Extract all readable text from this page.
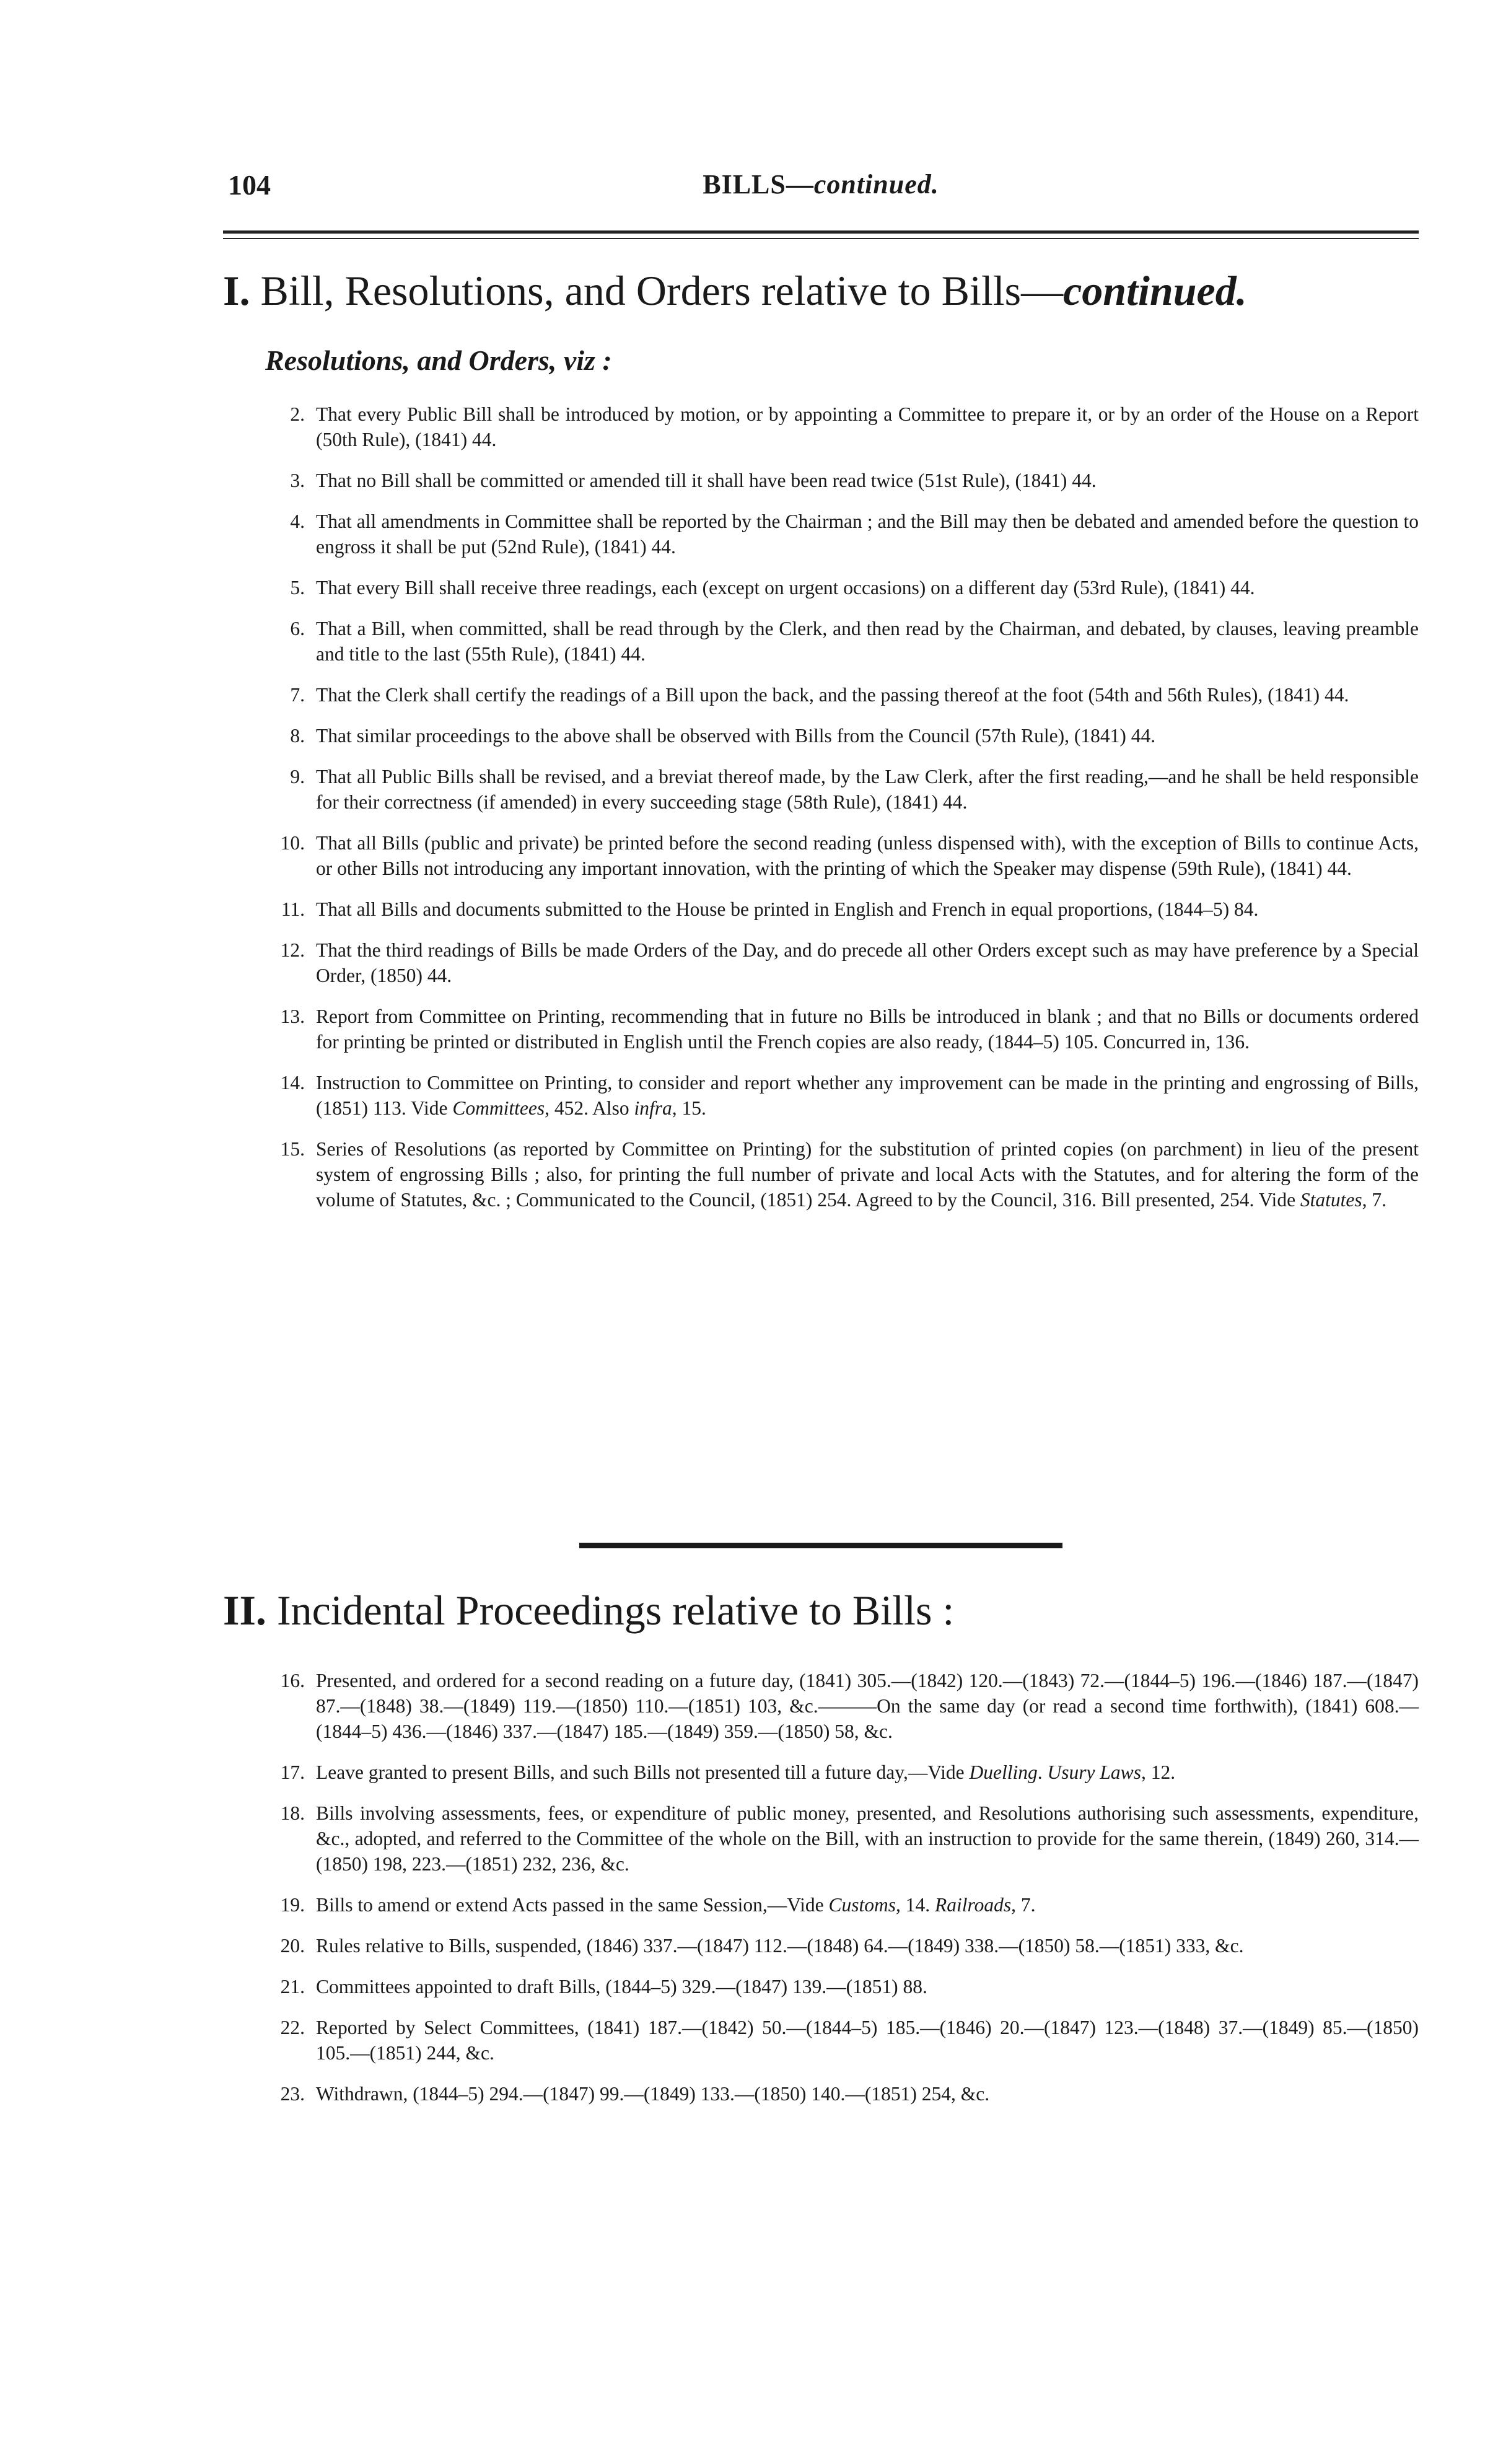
104	BILLS—continued.
I. Bill, Resolutions, and Orders relative to Bills—continued.
Resolutions, and Orders, viz :
2. That every Public Bill shall be introduced by motion, or by appointing a Committee to prepare it, or by an order of the House on a Report (50th Rule), (1841) 44.
3. That no Bill shall be committed or amended till it shall have been read twice (51st Rule), (1841) 44.
4. That all amendments in Committee shall be reported by the Chairman ; and the Bill may then be debated and amended before the question to engross it shall be put (52nd Rule), (1841) 44.
5. That every Bill shall receive three readings, each (except on urgent occasions) on a different day (53rd Rule), (1841) 44.
6. That a Bill, when committed, shall be read through by the Clerk, and then read by the Chairman, and debated, by clauses, leaving preamble and title to the last (55th Rule), (1841) 44.
7. That the Clerk shall certify the readings of a Bill upon the back, and the passing thereof at the foot (54th and 56th Rules), (1841) 44.
8. That similar proceedings to the above shall be observed with Bills from the Council (57th Rule), (1841) 44.
9. That all Public Bills shall be revised, and a breviat thereof made, by the Law Clerk, after the first reading,—and he shall be held responsible for their correctness (if amended) in every succeeding stage (58th Rule), (1841) 44.
10. That all Bills (public and private) be printed before the second reading (unless dispensed with), with the exception of Bills to continue Acts, or other Bills not introducing any important innovation, with the printing of which the Speaker may dispense (59th Rule), (1841) 44.
11. That all Bills and documents submitted to the House be printed in English and French in equal proportions, (1844–5) 84.
12. That the third readings of Bills be made Orders of the Day, and do precede all other Orders except such as may have preference by a Special Order, (1850) 44.
13. Report from Committee on Printing, recommending that in future no Bills be introduced in blank ; and that no Bills or documents ordered for printing be printed or distributed in English until the French copies are also ready, (1844–5) 105. Concurred in, 136.
14. Instruction to Committee on Printing, to consider and report whether any improvement can be made in the printing and engrossing of Bills, (1851) 113. Vide Committees, 452. Also infra, 15.
15. Series of Resolutions (as reported by Committee on Printing) for the substitution of printed copies (on parchment) in lieu of the present system of engrossing Bills ; also, for printing the full number of private and local Acts with the Statutes, and for altering the form of the volume of Statutes, &c. ; Communicated to the Council, (1851) 254. Agreed to by the Council, 316. Bill presented, 254. Vide Statutes, 7.
II. Incidental Proceedings relative to Bills :
16. Presented, and ordered for a second reading on a future day, (1841) 305.—(1842) 120.—(1843) 72.—(1844–5) 196.—(1846) 187.—(1847) 87.—(1848) 38.—(1849) 119.—(1850) 110.—(1851) 103, &c.———On the same day (or read a second time forthwith), (1841) 608.—(1844–5) 436.—(1846) 337.—(1847) 185.—(1849) 359.—(1850) 58, &c.
17. Leave granted to present Bills, and such Bills not presented till a future day,—Vide Duelling. Usury Laws, 12.
18. Bills involving assessments, fees, or expenditure of public money, presented, and Resolutions authorising such assessments, expenditure, &c., adopted, and referred to the Committee of the whole on the Bill, with an instruction to provide for the same therein, (1849) 260, 314.—(1850) 198, 223.—(1851) 232, 236, &c.
19. Bills to amend or extend Acts passed in the same Session,—Vide Customs, 14. Railroads, 7.
20. Rules relative to Bills, suspended, (1846) 337.—(1847) 112.—(1848) 64.—(1849) 338.—(1850) 58.—(1851) 333, &c.
21. Committees appointed to draft Bills, (1844–5) 329.—(1847) 139.—(1851) 88.
22. Reported by Select Committees, (1841) 187.—(1842) 50.—(1844–5) 185.—(1846) 20.—(1847) 123.—(1848) 37.—(1849) 85.—(1850) 105.—(1851) 244, &c.
23. Withdrawn, (1844–5) 294.—(1847) 99.—(1849) 133.—(1850) 140.—(1851) 254, &c.
